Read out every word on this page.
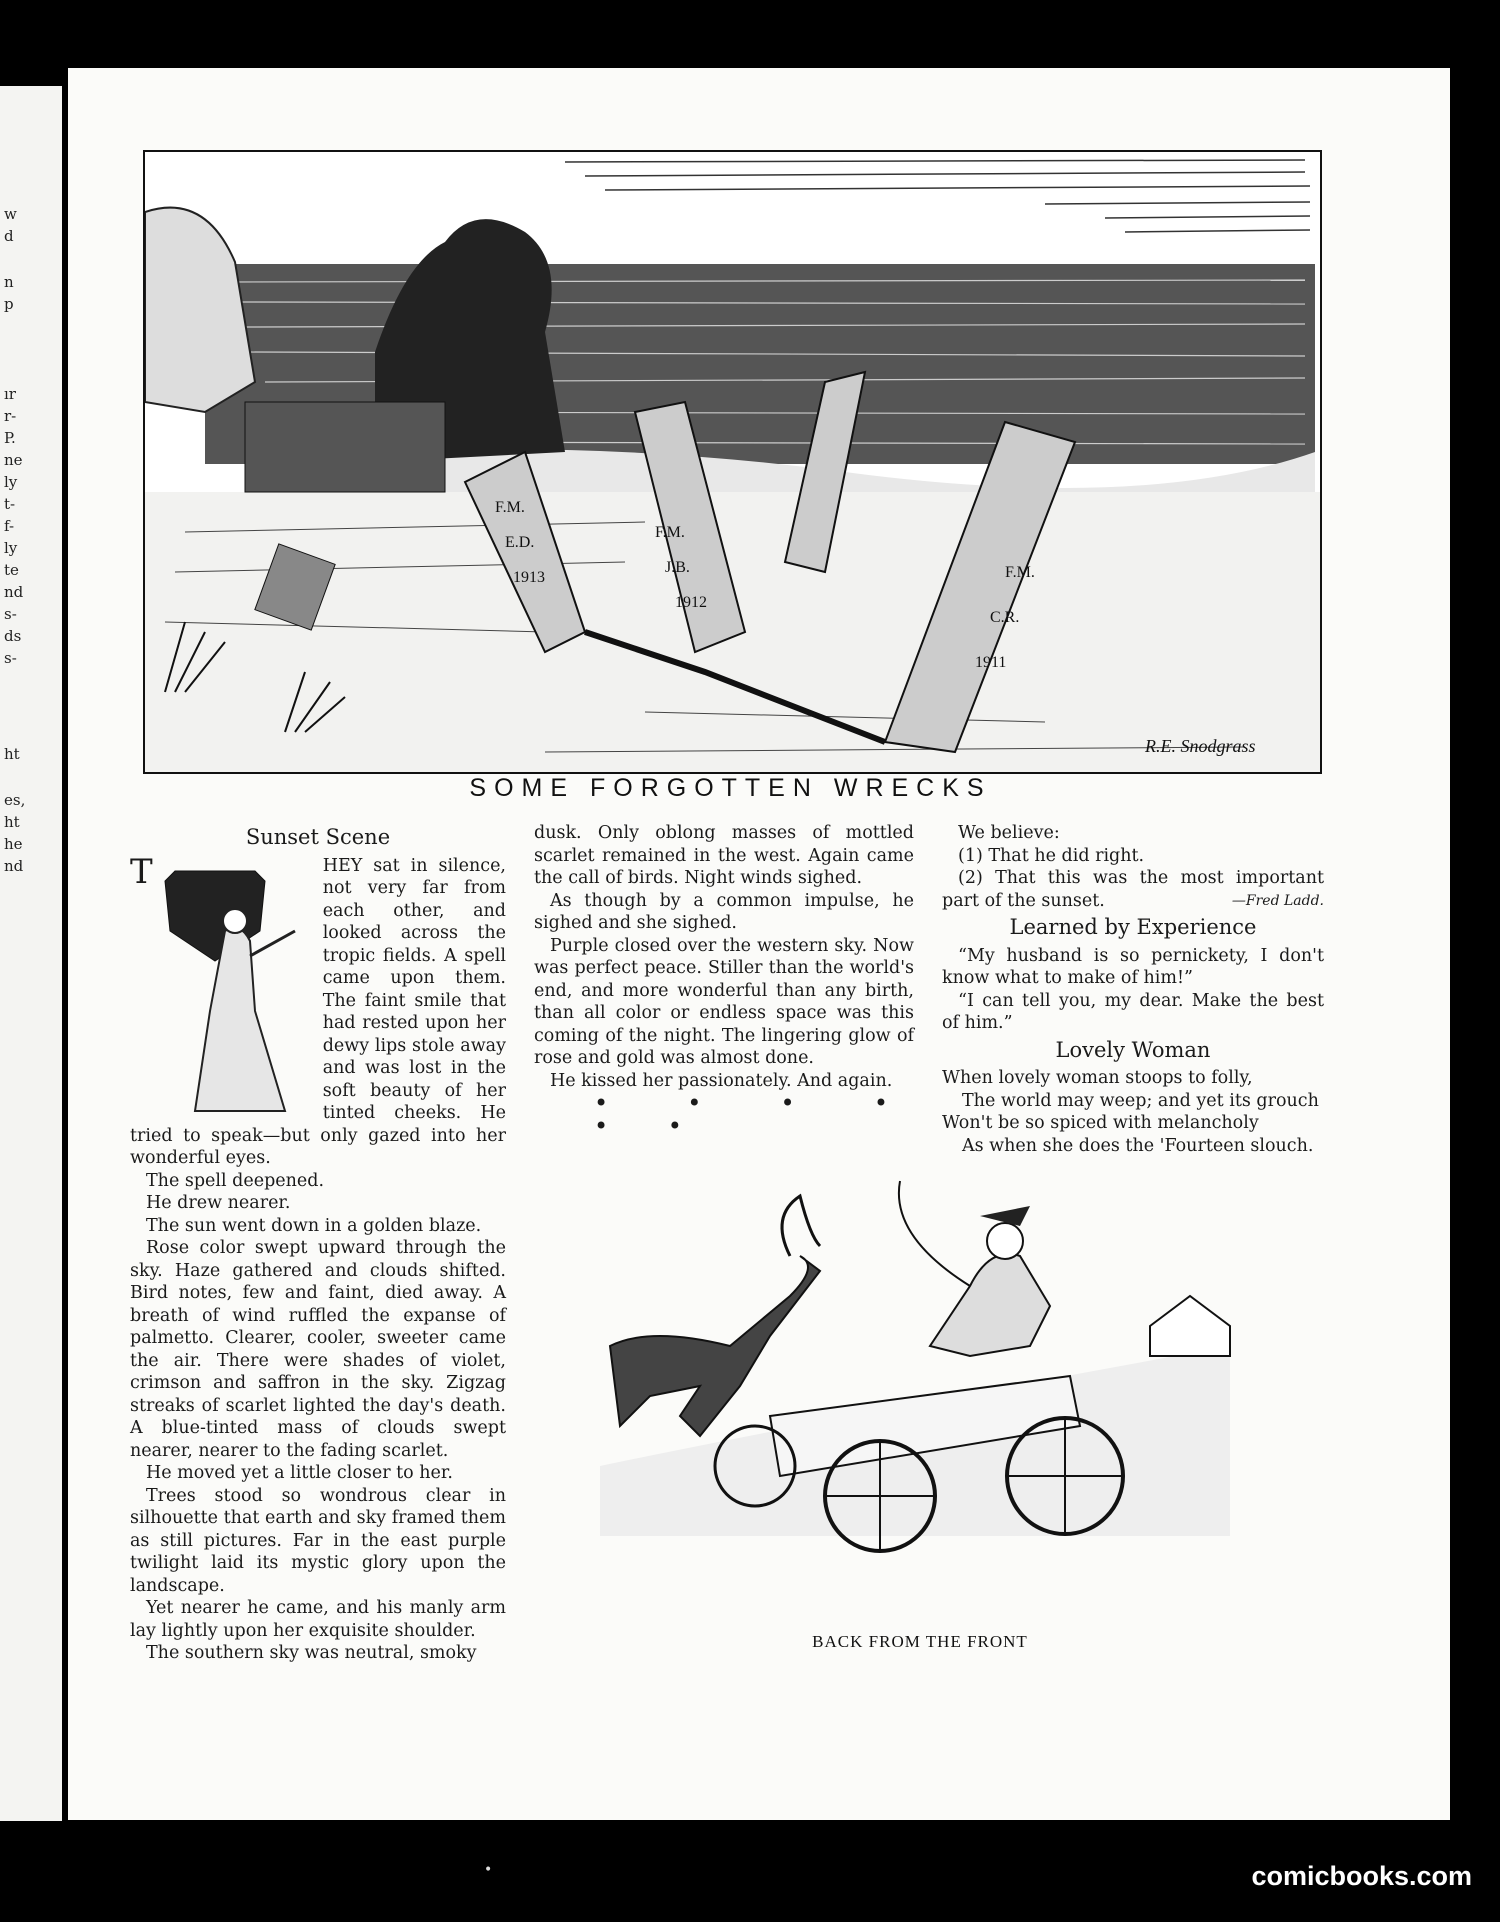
w
d
n
p
ır
r-
P.
ne
ly
t-
f-
ly
te
nd
s-
ds
s-
ht
es,
ht
he
nd
F.M.
E.D.
1913
F.M.
J.B.
1912
F.M.
C.R.
1911
R.E. Snodgrass
SOME FORGOTTEN WRECKS
Sunset Scene

T	HEY sat in silence, not very far from each other, and looked across the tropic fields. A spell came upon them. The faint smile that had rested upon her dewy lips stole away and was lost in the soft beauty of her tinted cheeks. He tried to speak—but only gazed into her wonderful eyes.

The spell deepened.

He drew nearer.

The sun went down in a golden blaze.

Rose color swept upward through the sky. Haze gathered and clouds shifted. Bird notes, few and faint, died away. A breath of wind ruffled the expanse of palmetto. Clearer, cooler, sweeter came the air. There were shades of violet, crimson and saffron in the sky. Zigzag streaks of scarlet lighted the day's death. A blue-tinted mass of clouds swept nearer, nearer to the fading scarlet.

He moved yet a little closer to her.

Trees stood so wondrous clear in silhouette that earth and sky framed them as still pictures. Far in the east purple twilight laid its mystic glory upon the landscape.

Yet nearer he came, and his manly arm lay lightly upon her exquisite shoulder.

The southern sky was neutral, smoky

dusk. Only oblong masses of mottled scarlet remained in the west. Again came the call of birds. Night winds sighed.

As though by a common impulse, he sighed and she sighed.

Purple closed over the western sky. Now was perfect peace. Stiller than the world's end, and more wonderful than any birth, than all color or endless space was this coming of the night. The lingering glow of rose and gold was almost done.

He kissed her passionately. And again.

• • • • • •

We believe:

(1) That he did right.

(2) That this was the most important part of the sunset.	—Fred Ladd.

Learned by Experience

“My husband is so pernickety, I don't know what to make of him!”

“I can tell you, my dear. Make the best of him.”

Lovely Woman

When lovely woman stoops to folly,

The world may weep; and yet its grouch

Won't be so spiced with melancholy

As when she does the 'Fourteen slouch.

BACK FROM THE FRONT
•	comicbooks.com
